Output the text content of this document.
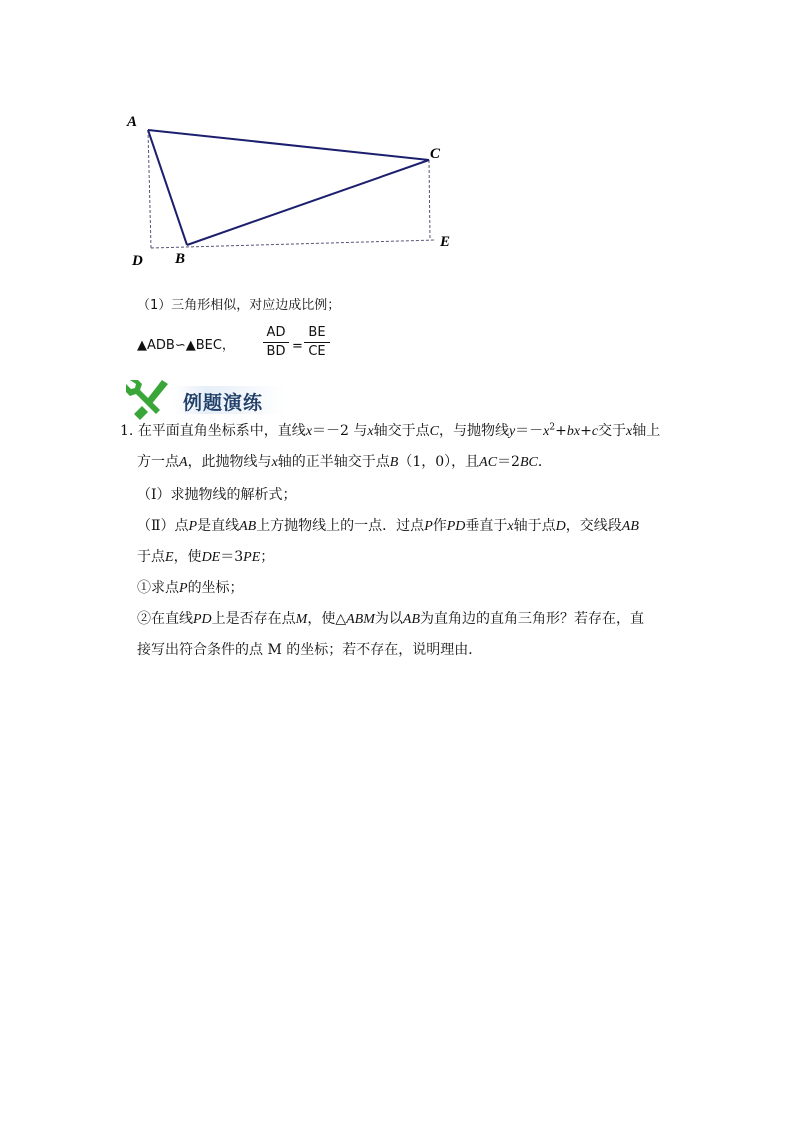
A
C
D B
E
（1）三角形相似，对应边成比例；
▲ADB∽▲BEC，
AD
BD =
BE
CE
例题演练
1. 在平面直角坐标系中，直线x＝－2 与x轴交于点C，与抛物线$y=-x^2+bx+c$交于x轴上
方一点A，此抛物线与x轴的正半轴交于点B（1，0），且AC＝2BC．
（Ⅰ）求抛物线的解析式；
（Ⅱ）点P是直线AB上方抛物线上的一点．过点P作PD垂直于x轴于点D，交线段AB
于点E，使DE＝3PE；
①求点P的坐标；
②在直线PD上是否存在点M，使△ABM为以AB为直角边的直角三角形？若存在，直
接写出符合条件的点 M 的坐标；若不存在，说明理由．
